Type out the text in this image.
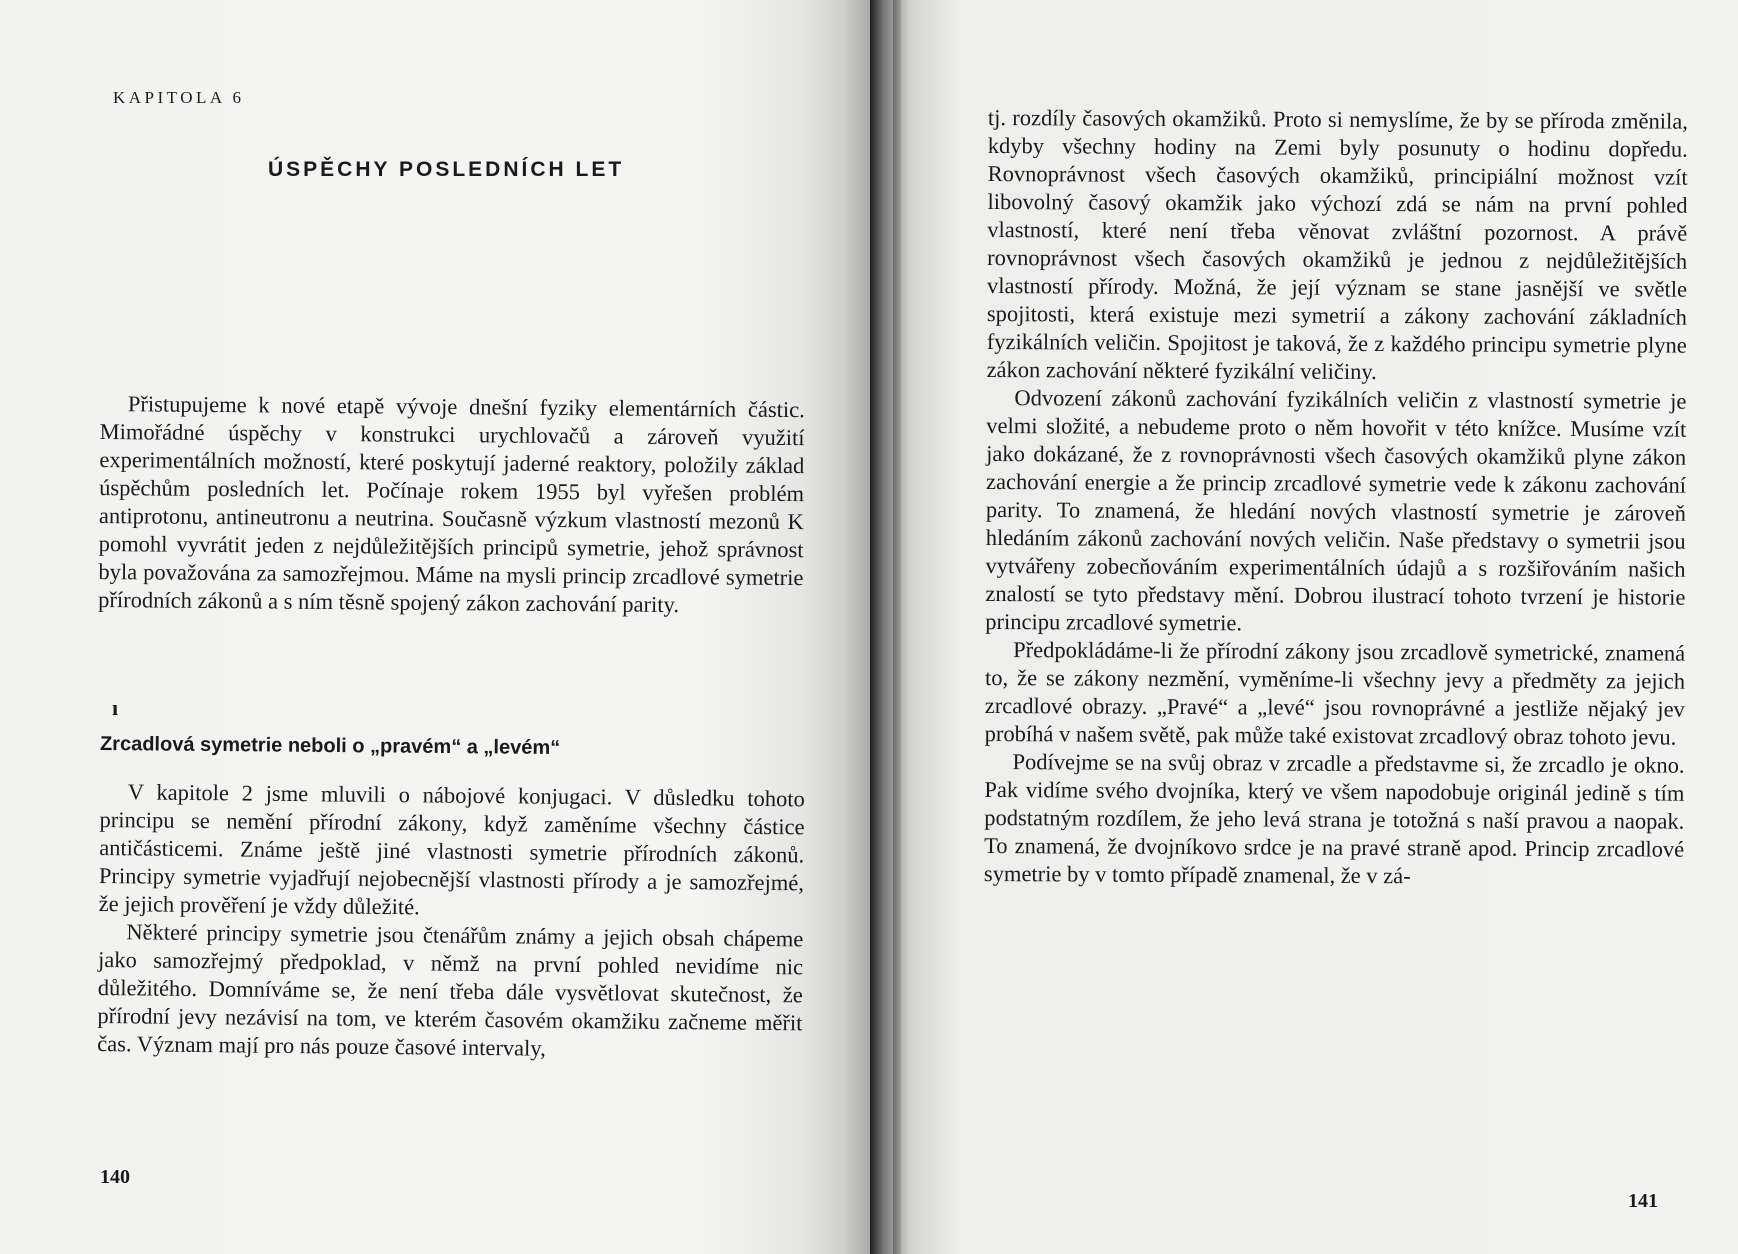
KAPITOLA 6
ÚSPĚCHY POSLEDNÍCH LET

Přistupujeme k nové etapě vývoje dnešní fyziky elementárních částic. Mimořádné úspěchy v konstrukci urychlovačů a zároveň využití experimentálních možností, které poskytují jaderné reaktory, položily základ úspěchům posledních let. Počínaje rokem 1955 byl vyřešen problém antiprotonu, antineutronu a neutrina. Současně výzkum vlastností mezonů K pomohl vyvrátit jeden z nejdůležitějších principů symetrie, jehož správnost byla považována za samozřejmou. Máme na mysli princip zrcadlové symetrie přírodních zákonů a s ním těsně spojený zákon zachování parity.

ı
Zrcadlová symetrie neboli o „pravém“ a „levém“

V kapitole 2 jsme mluvili o nábojové konjugaci. V důsledku tohoto principu se nemění přírodní zákony, když zaměníme všechny částice antičásticemi. Známe ještě jiné vlastnosti symetrie přírodních zákonů. Principy symetrie vyjadřují nejobecnější vlastnosti přírody a je samozřejmé, že jejich prověření je vždy důležité.

Některé principy symetrie jsou čtenářům známy a jejich obsah chápeme jako samozřejmý předpoklad, v němž na první pohled nevidíme nic důležitého. Domníváme se, že není třeba dále vysvětlovat skutečnost, že přírodní jevy nezávisí na tom, ve kterém časovém okamžiku začneme měřit čas. Význam mají pro nás pouze časové intervaly,

140

tj. rozdíly časových okamžiků. Proto si nemyslíme, že by se příroda změnila, kdyby všechny hodiny na Zemi byly posunuty o hodinu dopředu. Rovnoprávnost všech časových okamžiků, principiální možnost vzít libovolný časový okamžik jako výchozí zdá se nám na první pohled vlastností, které není třeba věnovat zvláštní pozornost. A právě rovnoprávnost všech časových okamžiků je jednou z nejdůležitějších vlastností přírody. Možná, že její význam se stane jasnější ve světle spojitosti, která existuje mezi symetrií a zákony zachování základních fyzikálních veličin. Spojitost je taková, že z každého principu symetrie plyne zákon zachování některé fyzikální veličiny.

Odvození zákonů zachování fyzikálních veličin z vlastností symetrie je velmi složité, a nebudeme proto o něm hovořit v této knížce. Musíme vzít jako dokázané, že z rovnoprávnosti všech časových okamžiků plyne zákon zachování energie a že princip zrcadlové symetrie vede k zákonu zachování parity. To znamená, že hledání nových vlastností symetrie je zároveň hledáním zákonů zachování nových veličin. Naše představy o symetrii jsou vytvářeny zobecňováním experimentálních údajů a s rozšiřováním našich znalostí se tyto představy mění. Dobrou ilustrací tohoto tvrzení je historie principu zrcadlové symetrie.

Předpokládáme-li že přírodní zákony jsou zrcadlově symetrické, znamená to, že se zákony nezmění, vyměníme-li všechny jevy a předměty za jejich zrcadlové obrazy. „Pravé“ a „levé“ jsou rovnoprávné a jestliže nějaký jev probíhá v našem světě, pak může také existovat zrcadlový obraz tohoto jevu.

Podívejme se na svůj obraz v zrcadle a představme si, že zrcadlo je okno. Pak vidíme svého dvojníka, který ve všem napodobuje originál jedině s tím podstatným rozdílem, že jeho levá strana je totožná s naší pravou a naopak. To znamená, že dvojníkovo srdce je na pravé straně apod. Princip zrcadlové symetrie by v tomto případě znamenal, že v zá-

141
